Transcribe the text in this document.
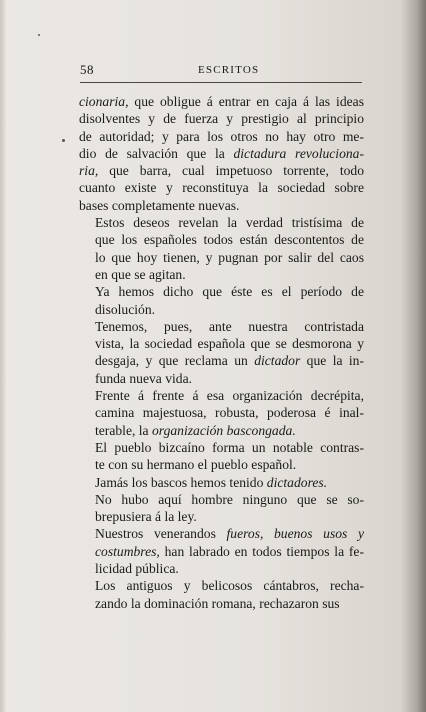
58	ESCRITOS

cionaria, que obligue á entrar en caja á las ideas
disolventes y de fuerza y prestigio al principio
de autoridad; y para los otros no hay otro me-
dio de salvación que la dictadura revoluciona-
ria, que barra, cual impetuoso torrente, todo
cuanto existe y reconstituya la sociedad sobre
bases completamente nuevas.

Estos deseos revelan la verdad tristísima de
que los españoles todos están descontentos de
lo que hoy tienen, y pugnan por salir del caos
en que se agitan.

Ya hemos dicho que éste es el período de
disolución.

Tenemos, pues, ante nuestra contristada
vista, la sociedad española que se desmorona y
desgaja, y que reclama un dictador que la in-
funda nueva vida.

Frente á frente á esa organización decrépita,
camina majestuosa, robusta, poderosa é inal-
terable, la organización bascongada.

El pueblo bizcaíno forma un notable contras-
te con su hermano el pueblo español.

Jamás los bascos hemos tenido dictadores.

No hubo aquí hombre ninguno que se so-
brepusiera á la ley.

Nuestros venerandos fueros, buenos usos y
costumbres, han labrado en todos tiempos la fe-
licidad pública.

Los antiguos y belicosos cántabros, recha-
zando la dominación romana, rechazaron sus
